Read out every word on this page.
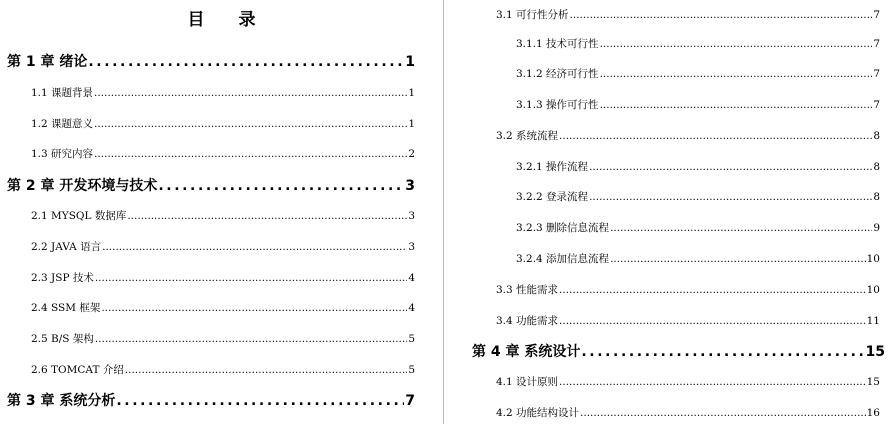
目 录
第 1 章 绪论 .....	1
1.1 课题背景 .....	1
1.2 课题意义 .....	1
1.3 研究内容 .....	2
第 2 章 开发环境与技术 .....	3
2.1 MYSQL 数据库 .....	3
2.2 JAVA 语言 .....	3
2.3 JSP 技术 .....	4
2.4 SSM 框架 .....	4
2.5 B/S 架构 .....	5
2.6 TOMCAT 介绍 .....	5
第 3 章 系统分析 .....	7
3.1 可行性分析 .....	7
3.1.1 技术可行性 .....	7
3.1.2 经济可行性 .....	7
3.1.3 操作可行性 .....	7
3.2 系统流程 .....	8
3.2.1 操作流程 .....	8
3.2.2 登录流程 .....	8
3.2.3 删除信息流程 .....	9
3.2.4 添加信息流程 .....	10
3.3 性能需求 .....	10
3.4 功能需求 .....	11
第 4 章 系统设计 .....	15
4.1 设计原则 .....	15
4.2 功能结构设计 .....	16
